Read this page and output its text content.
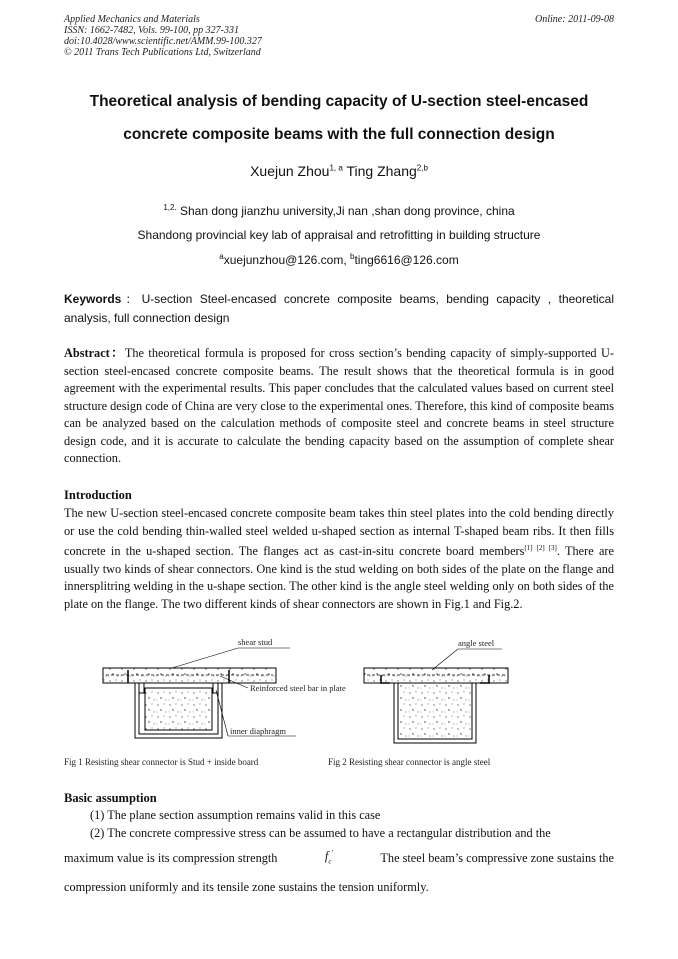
Applied Mechanics and Materials
ISSN: 1662-7482, Vols. 99-100, pp 327-331
doi:10.4028/www.scientific.net/AMM.99-100.327
© 2011 Trans Tech Publications Ltd, Switzerland
Online: 2011-09-08
Theoretical analysis of bending capacity of U-section steel-encased
concrete composite beams with the full connection design
Xuejun Zhou$^{1, a}$ Ting Zhang$^{2,b}$
$^{1,2.}$ Shan dong jianzhu university,Ji nan ,shan dong province, china
Shandong provincial key lab of appraisal and retrofitting in building structure
$^a$xuejunzhou@126.com, $^b$ting6616@126.com
Keywords：U-section Steel-encased concrete composite beams, bending capacity , theoretical analysis, full connection design
Abstract：The theoretical formula is proposed for cross section’s bending capacity of simply-supported U-section steel-encased concrete composite beams. The result shows that the theoretical formula is in good agreement with the experimental results. This paper concludes that the calculated values based on current steel structure design code of China are very close to the experimental ones. Therefore, this kind of composite beams can be analyzed based on the calculation methods of composite steel and concrete beams in steel structure design code, and it is accurate to calculate the bending capacity based on the assumption of complete shear connection.
Introduction
The new U-section steel-encased concrete composite beam takes thin steel plates into the cold bending directly or use the cold bending thin-walled steel welded u-shaped section as internal T-shaped beam ribs. It then fills concrete in the u-shaped section. The flanges act as cast-in-situ concrete board members[1] [2] [3]. There are usually two kinds of shear connectors. One kind is the stud welding on both sides of the plate on the flange and innersplitring welding in the u-shape section. The other kind is the angle steel welding only on both sides of the plate on the flange. The two different kinds of shear connectors are shown in Fig.1 and Fig.2.
shear stud
Reinforced steel bar in plate
inner diaphragm
angle steel
Fig 1 Resisting shear connector is Stud + inside board	Fig 2 Resisting shear connector is angle steel
Basic assumption
(1) The plane section assumption remains valid in this case
(2) The concrete compressive stress can be assumed to have a rectangular distribution and the
maximum value is its compression strength	$f_c'$	The steel beam’s compressive zone sustains the
compression uniformly and its tensile zone sustains the tension uniformly.
